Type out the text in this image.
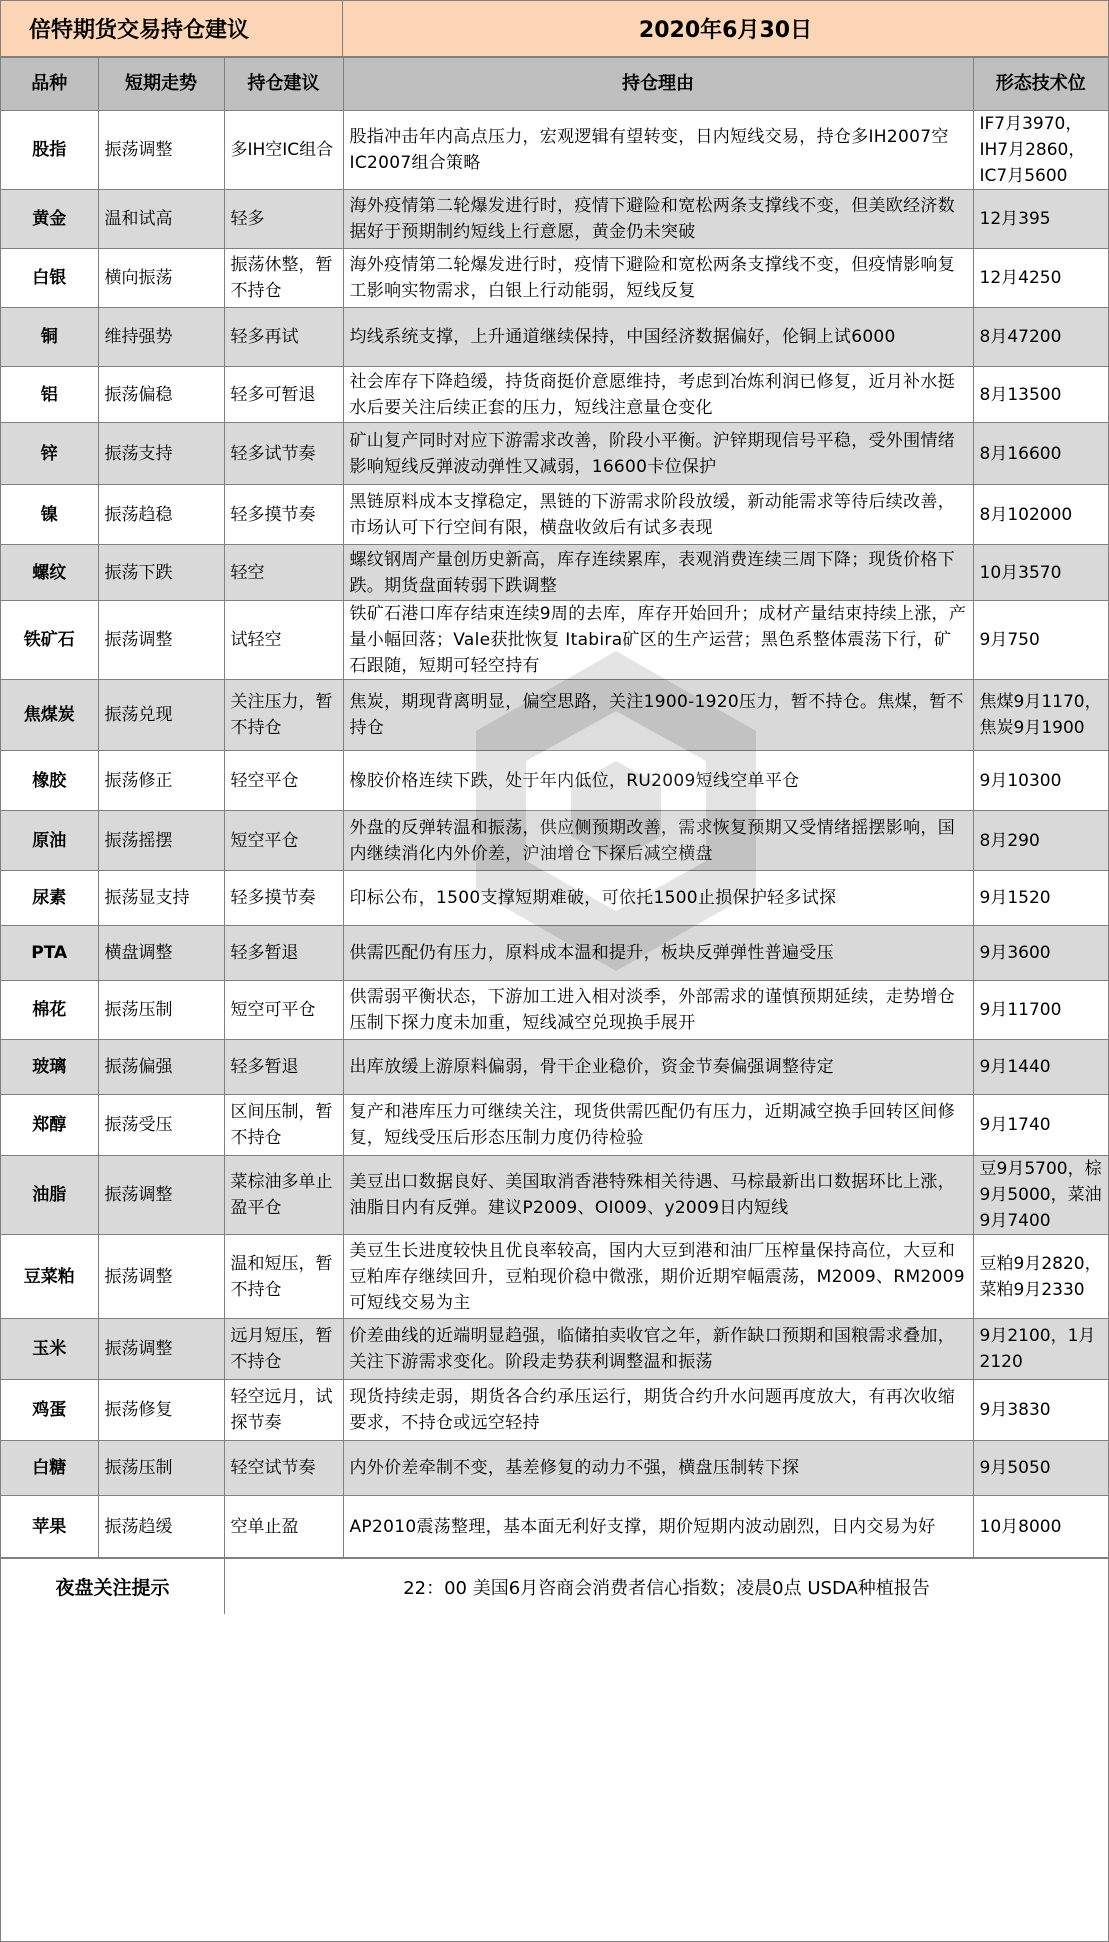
倍特期货交易持仓建议	2020年6月30日
品种	短期走势	持仓建议	持仓理由	形态技术位
股指	振荡调整	多IH空IC组合	股指冲击年内高点压力，宏观逻辑有望转变，日内短线交易，持仓多IH2007空IC2007组合策略	IF7月3970，IH7月2860，IC7月5600
黄金	温和试高	轻多	海外疫情第二轮爆发进行时，疫情下避险和宽松两条支撑线不变，但美欧经济数据好于预期制约短线上行意愿，黄金仍未突破	12月395
白银	横向振荡	振荡休整，暂不持仓	海外疫情第二轮爆发进行时，疫情下避险和宽松两条支撑线不变，但疫情影响复工影响实物需求，白银上行动能弱，短线反复	12月4250
铜	维持强势	轻多再试	均线系统支撑，上升通道继续保持，中国经济数据偏好，伦铜上试6000	8月47200
铝	振荡偏稳	轻多可暂退	社会库存下降趋缓，持货商挺价意愿维持，考虑到冶炼利润已修复，近月补水挺水后要关注后续正套的压力，短线注意量仓变化	8月13500
锌	振荡支持	轻多试节奏	矿山复产同时对应下游需求改善，阶段小平衡。沪锌期现信号平稳，受外围情绪影响短线反弹波动弹性又减弱，16600卡位保护	8月16600
镍	振荡趋稳	轻多摸节奏	黑链原料成本支撑稳定，黑链的下游需求阶段放缓，新动能需求等待后续改善，市场认可下行空间有限，横盘收敛后有试多表现	8月102000
螺纹	振荡下跌	轻空	螺纹钢周产量创历史新高，库存连续累库，表观消费连续三周下降；现货价格下跌。期货盘面转弱下跌调整	10月3570
铁矿石	振荡调整	试轻空	铁矿石港口库存结束连续9周的去库，库存开始回升；成材产量结束持续上涨，产量小幅回落；Vale获批恢复 Itabira矿区的生产运营；黑色系整体震荡下行，矿石跟随，短期可轻空持有	9月750
焦煤炭	振荡兑现	关注压力，暂不持仓	焦炭，期现背离明显，偏空思路，关注1900-1920压力，暂不持仓。焦煤，暂不持仓	焦煤9月1170，焦炭9月1900
橡胶	振荡修正	轻空平仓	橡胶价格连续下跌，处于年内低位，RU2009短线空单平仓	9月10300
原油	振荡摇摆	短空平仓	外盘的反弹转温和振荡，供应侧预期改善，需求恢复预期又受情绪摇摆影响，国内继续消化内外价差，沪油增仓下探后减空横盘	8月290
尿素	振荡显支持	轻多摸节奏	印标公布，1500支撑短期难破，可依托1500止损保护轻多试探	9月1520
PTA	横盘调整	轻多暂退	供需匹配仍有压力，原料成本温和提升，板块反弹弹性普遍受压	9月3600
棉花	振荡压制	短空可平仓	供需弱平衡状态，下游加工进入相对淡季，外部需求的谨慎预期延续，走势增仓压制下探力度未加重，短线减空兑现换手展开	9月11700
玻璃	振荡偏强	轻多暂退	出库放缓上游原料偏弱，骨干企业稳价，资金节奏偏强调整待定	9月1440
郑醇	振荡受压	区间压制，暂不持仓	复产和港库压力可继续关注，现货供需匹配仍有压力，近期减空换手回转区间修复，短线受压后形态压制力度仍待检验	9月1740
油脂	振荡调整	菜棕油多单止盈平仓	美豆出口数据良好、美国取消香港特殊相关待遇、马棕最新出口数据环比上涨，油脂日内有反弹。建议P2009、OI009、y2009日内短线	豆9月5700，棕9月5000，菜油9月7400
豆菜粕	振荡调整	温和短压，暂不持仓	美豆生长进度较快且优良率较高，国内大豆到港和油厂压榨量保持高位，大豆和豆粕库存继续回升，豆粕现价稳中微涨，期价近期窄幅震荡，M2009、RM2009可短线交易为主	豆粕9月2820，菜粕9月2330
玉米	振荡调整	远月短压，暂不持仓	价差曲线的近端明显趋强，临储拍卖收官之年，新作缺口预期和国粮需求叠加，关注下游需求变化。阶段走势获利调整温和振荡	9月2100，1月2120
鸡蛋	振荡修复	轻空远月，试探节奏	现货持续走弱，期货各合约承压运行，期货合约升水问题再度放大，有再次收缩要求，不持仓或远空轻持	9月3830
白糖	振荡压制	轻空试节奏	内外价差牵制不变，基差修复的动力不强，横盘压制转下探	9月5050
苹果	振荡趋缓	空单止盈	AP2010震荡整理，基本面无利好支撑，期价短期内波动剧烈，日内交易为好	10月8000
夜盘关注提示	22：00 美国6月咨商会消费者信心指数；凌晨0点 USDA种植报告
